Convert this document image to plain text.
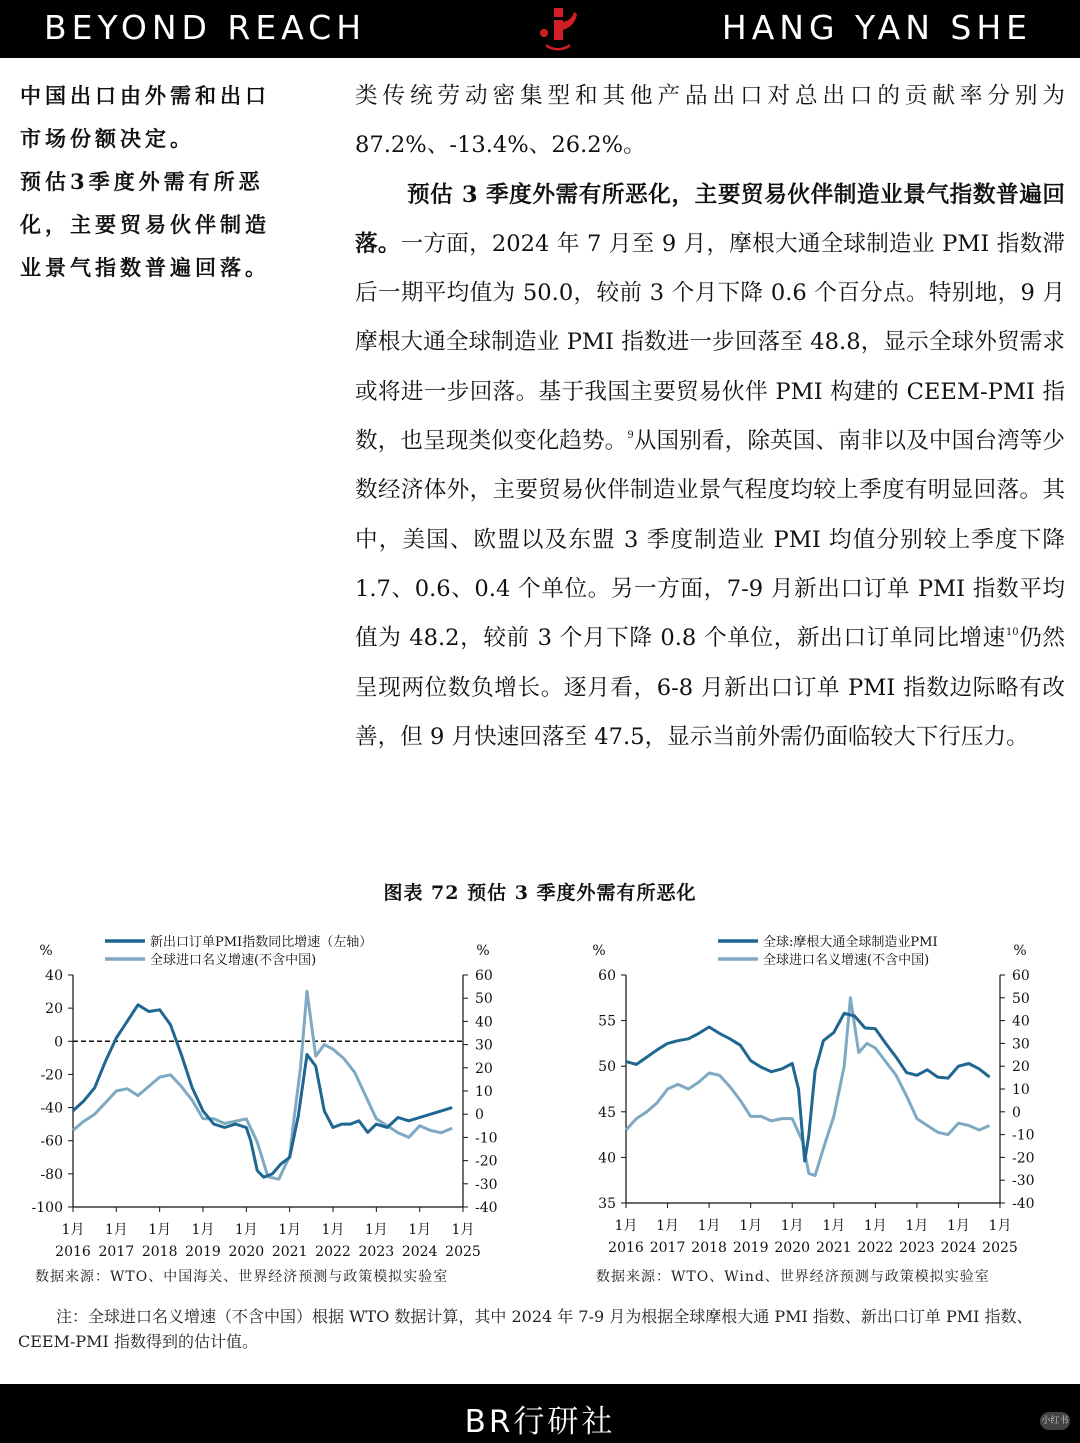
BEYOND REACH	HANG YAN SHE

中国出口由外需和出口市场份额决定。

预估3季度外需有所恶化，主要贸易伙伴制造业景气指数普遍回落。

类传统劳动密集型和其他产品出口对总出口的贡献率分别为87.2%、-13.4%、26.2%。

预估 3 季度外需有所恶化，主要贸易伙伴制造业景气指数普遍回落。一方面，2024 年 7 月至 9 月，摩根大通全球制造业 PMI 指数滞后一期平均值为 50.0，较前 3 个月下降 0.6 个百分点。特别地，9 月摩根大通全球制造业 PMI 指数进一步回落至 48.8，显示全球外贸需求或将进一步回落。基于我国主要贸易伙伴 PMI 构建的 CEEM-PMI 指数，也呈现类似变化趋势。$^9$从国别看，除英国、南非以及中国台湾等少数经济体外，主要贸易伙伴制造业景气程度均较上季度有明显回落。其中，美国、欧盟以及东盟 3 季度制造业 PMI 均值分别较上季度下降 1.7、0.6、0.4 个单位。另一方面，7-9 月新出口订单 PMI 指数平均值为 48.2，较前 3 个月下降 0.8 个单位，新出口订单同比增速$^{10}$仍然呈现两位数负增长。逐月看，6-8 月新出口订单 PMI 指数边际略有改善，但 9 月快速回落至 47.5，显示当前外需仍面临较大下行压力。

图表 72 预估 3 季度外需有所恶化
%	%
40
20
0
-20
-40
-60
-80
-100
60
50
40
30
20
10
0
-10
-20
-30
-40
1月
2016
1月
2017
1月
2018
1月
2019
1月
2020
1月
2021
1月
2022
1月
2023
1月
2024
1月
2025
新出口订单PMI指数同比增速（左轴）
全球进口名义增速(不含中国)
%	%
60
55
50
45
40
35
60
50
40
30
20
10
0
-10
-20
-30
-40
1月
2016
1月
2017
1月
2018
1月
2019
1月
2020
1月
2021
1月
2022
1月
2023
1月
2024
1月
2025
全球:摩根大通全球制造业PMI
全球进口名义增速(不含中国)
数据来源：WTO、中国海关、世界经济预测与政策模拟实验室	数据来源：WTO、Wind、世界经济预测与政策模拟实验室

注：全球进口名义增速（不含中国）根据 WTO 数据计算，其中 2024 年 7-9 月为根据全球摩根大通 PMI 指数、新出口订单 PMI 指数、CEEM-PMI 指数得到的估计值。

BR行研社	小红书
